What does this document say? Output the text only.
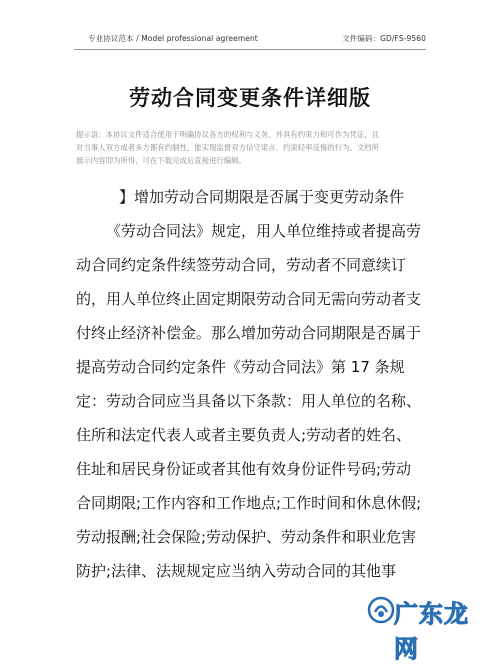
专业协议范本 / Model professional agreement	文件编码：GD/FS-9560
劳动合同变更条件详细版
提示语：本协议文件适合使用于明确协议各方的权利与义务、并具有约束力和可作为凭证，且
对当事人双方或者多方都有约制性，能实现监督双方信守诺言、约束轻率反悔的行为。文档所
展示内容即为所得，可在下载完成后直接进行编辑。
】增加劳动合同期限是否属于变更劳动条件
《劳动合同法》规定，用人单位维持或者提高劳
动合同约定条件续签劳动合同，劳动者不同意续订
的，用人单位终止固定期限劳动合同无需向劳动者支
付终止经济补偿金。那么增加劳动合同期限是否属于
提高劳动合同约定条件《劳动合同法》第 17 条规
定：劳动合同应当具备以下条款：用人单位的名称、
住所和法定代表人或者主要负责人;劳动者的姓名、
住址和居民身份证或者其他有效身份证件号码;劳动
合同期限;工作内容和工作地点;工作时间和休息休假;
劳动报酬;社会保险;劳动保护、劳动条件和职业危害
防护;法律、法规规定应当纳入劳动合同的其他事
广东龙网
